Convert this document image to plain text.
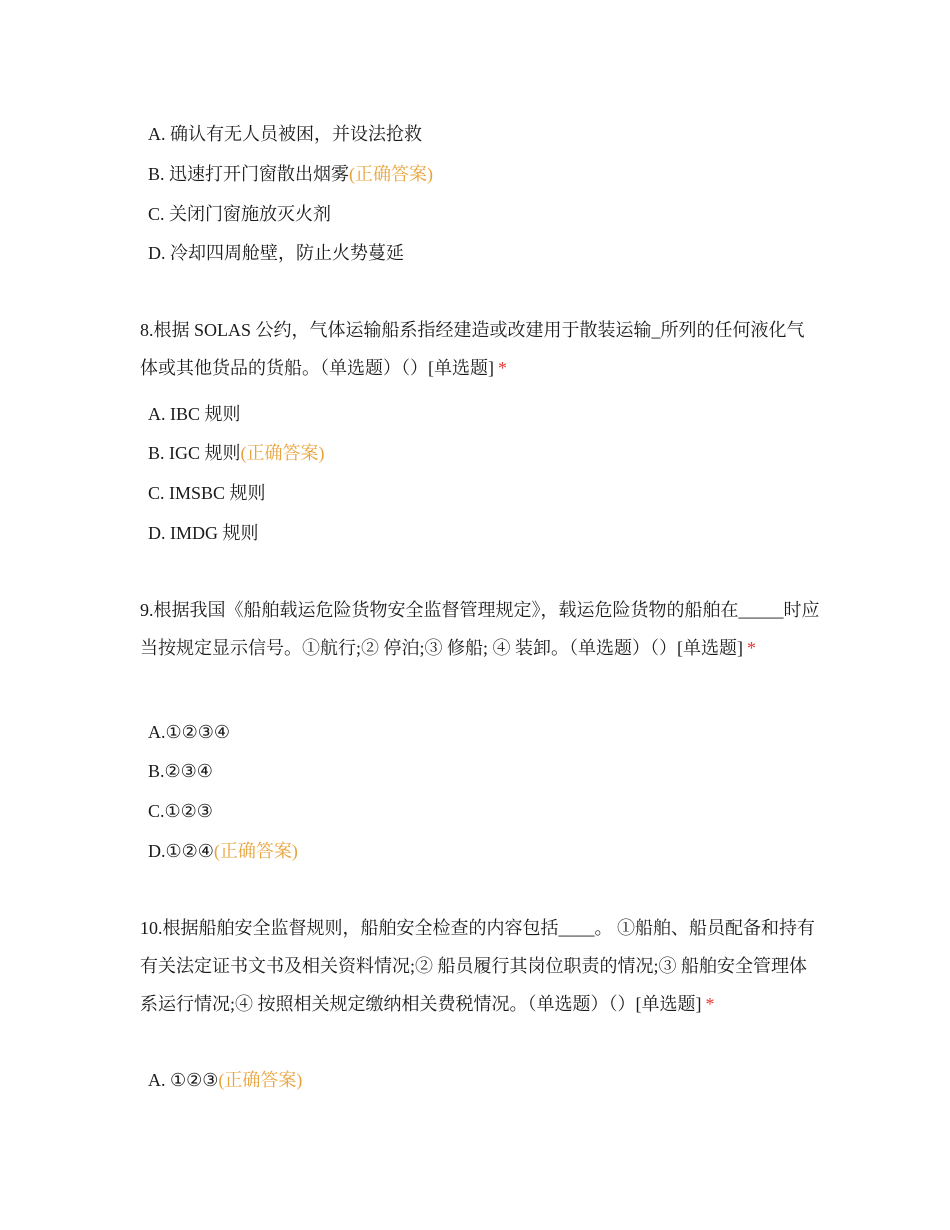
A. 确认有无人员被困，并设法抢救
B. 迅速打开门窗散出烟雾(正确答案)
C. 关闭门窗施放灭火剂
D. 冷却四周舱壁，防止火势蔓延
8.根据 SOLAS 公约，气体运输船系指经建造或改建用于散装运输_所列的任何液化气体或其他货品的货船。（单选题）（）[单选题] *
A. IBC 规则
B. IGC 规则(正确答案)
C. IMSBC 规则
D. IMDG 规则
9.根据我国《船舶载运危险货物安全监督管理规定》，载运危险货物的船舶在_____时应当按规定显示信号。①航行;② 停泊;③ 修船; ④ 装卸。（单选题）（）[单选题] *
A.①②③④
B.②③④
C.①②③
D.①②④(正确答案)
10.根据船舶安全监督规则，船舶安全检查的内容包括____。 ①船舶、船员配备和持有有关法定证书文书及相关资料情况;② 船员履行其岗位职责的情况;③ 船舶安全管理体系运行情况;④ 按照相关规定缴纳相关费税情况。（单选题）（）[单选题] *
A. ①②③(正确答案)
